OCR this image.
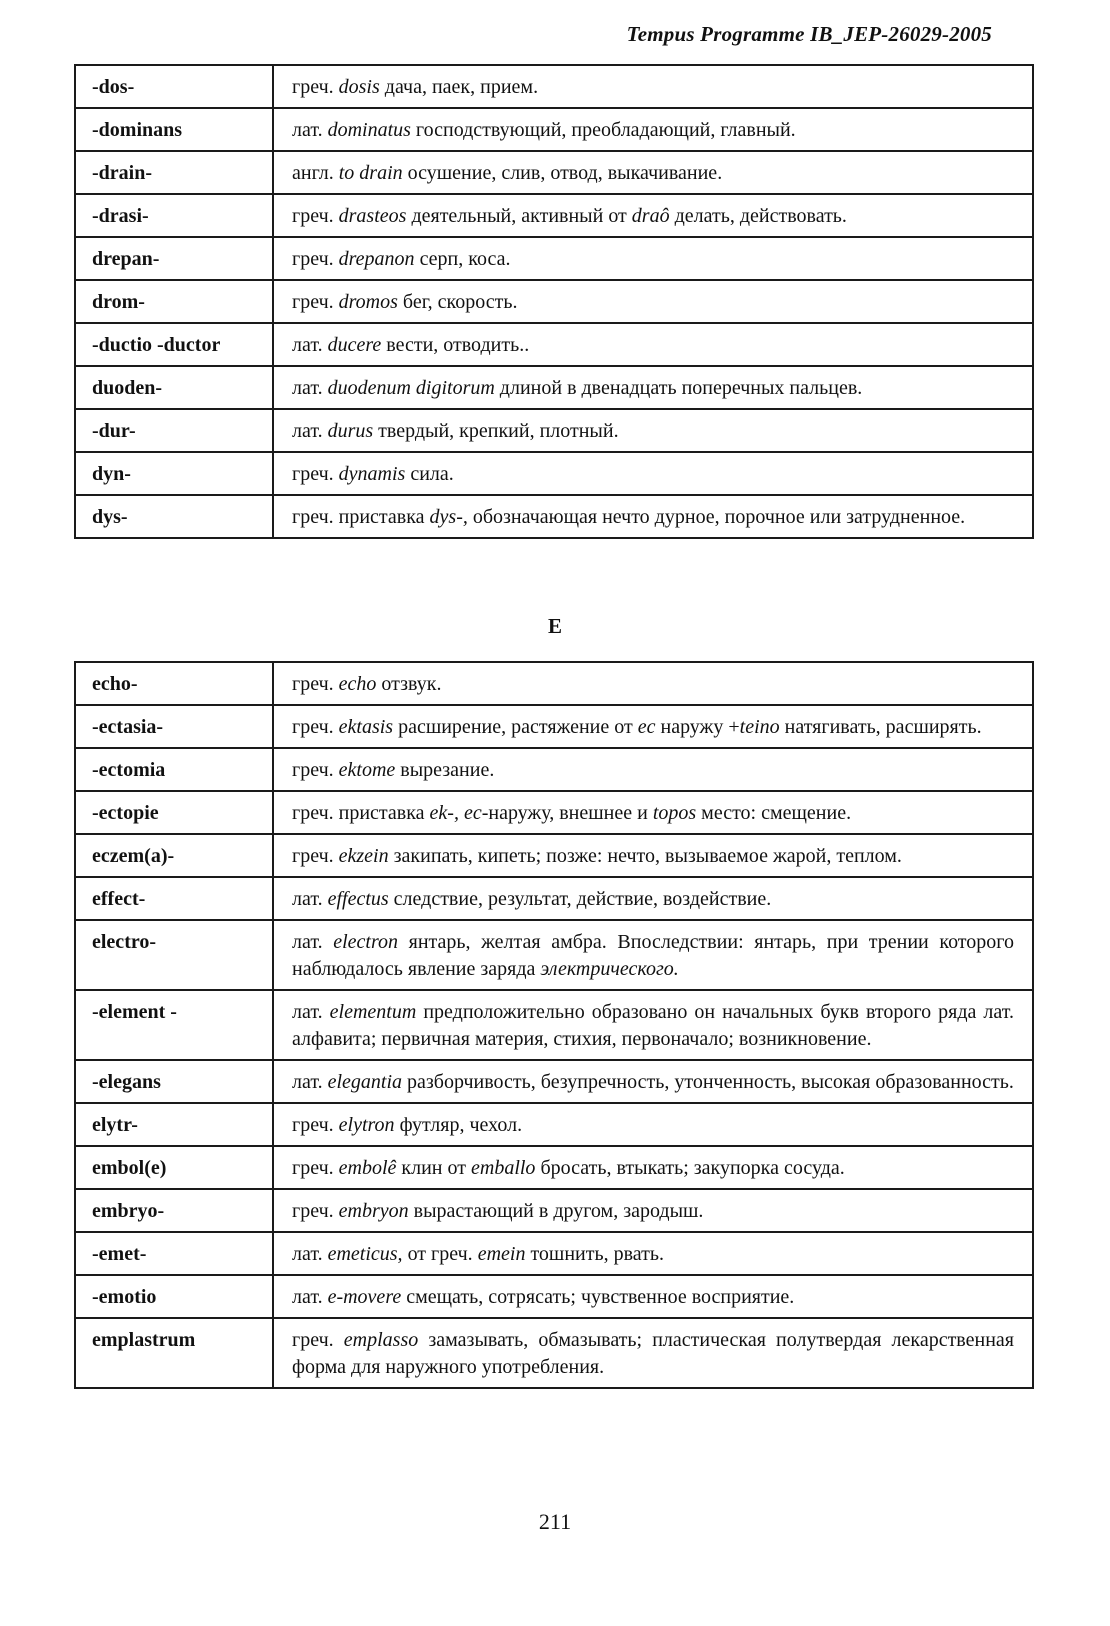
Tempus Programme IB_JEP-26029-2005
-dos-	греч. dosis дача, паек, прием.
-dominans	лат. dominatus господствующий, преобладающий, главный.
-drain-	англ. to drain осушение, слив, отвод, выкачивание.
-drasi-	греч. drasteos деятельный, активный от draô делать, действовать.
drepan-	греч. drepanon серп, коса.
drom-	греч. dromos бег, скорость.
-ductio -ductor	лат. ducere вести, отводить..
duoden-	лат. duodenum digitorum длиной в двенадцать поперечных пальцев.
-dur-	лат. durus твердый, крепкий, плотный.
dyn-	греч. dynamis сила.
dys-	греч. приставка dys-, обозначающая нечто дурное, порочное или затрудненное.
E
echo-	греч. echo отзвук.
-ectasia-	греч. ektasis расширение, растяжение от ec наружу +teino натягивать, расширять.
-ectomia	греч. ektome вырезание.
-ectopie	греч. приставка ek-, ec-наружу, внешнее и topos место: смещение.
eczem(a)-	греч. ekzein закипать, кипеть; позже: нечто, вызываемое жарой, теплом.
effect-	лат. effectus следствие, результат, действие, воздействие.
electro-	лат. electron янтарь, желтая амбра. Впоследствии: янтарь, при трении которого наблюдалось явление заряда электрического.
-element -	лат. elementum предположительно образовано он начальных букв второго ряда лат. алфавита; первичная материя, стихия, первоначало; возникновение.
-elegans	лат. elegantia разборчивость, безупречность, утонченность, высокая образованность.
elytr-	греч. elytron футляр, чехол.
embol(e)	греч. embolê клин от emballo бросать, втыкать; закупорка сосуда.
embryo-	греч. embryon вырастающий в другом, зародыш.
-emet-	лат. emeticus, от греч. emein тошнить, рвать.
-emotio	лат. e-movere смещать, сотрясать; чувственное восприятие.
emplastrum	греч. emplasso замазывать, обмазывать; пластическая полутвердая лекарственная форма для наружного употребления.
211
